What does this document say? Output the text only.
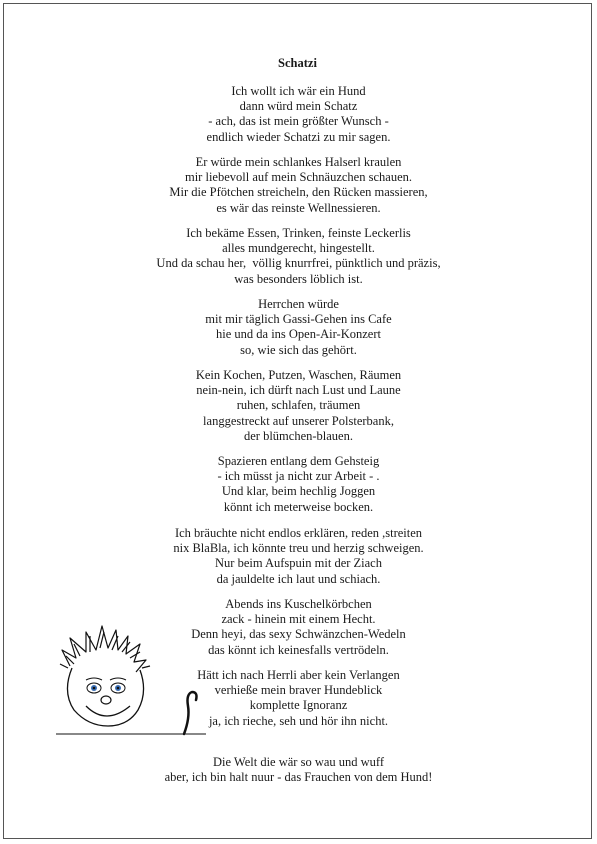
Schatzi
Ich wollt ich wär ein Hund
dann würd mein Schatz
- ach, das ist mein größter Wunsch -
endlich wieder Schatzi zu mir sagen.
Er würde mein schlankes Halserl kraulen
mir liebevoll auf mein Schnäuzchen schauen.
Mir die Pfötchen streicheln, den Rücken massieren,
es wär das reinste Wellnessieren.
Ich bekäme Essen, Trinken, feinste Leckerlis
alles mundgerecht, hingestellt.
Und da schau her,  völlig knurrfrei, pünktlich und präzis,
was besonders löblich ist.
Herrchen würde
mit mir täglich Gassi-Gehen ins Cafe
hie und da ins Open-Air-Konzert
so, wie sich das gehört.
Kein Kochen, Putzen, Waschen, Räumen
nein-nein, ich dürft nach Lust und Laune
ruhen, schlafen, träumen
langgestreckt auf unserer Polsterbank,
der blümchen-blauen.
Spazieren entlang dem Gehsteig
- ich müsst ja nicht zur Arbeit - .
Und klar, beim hechlig Joggen
könnt ich meterweise bocken.
Ich bräuchte nicht endlos erklären, reden ,streiten
nix BlaBla, ich könnte treu und herzig schweigen.
Nur beim Aufspuin mit der Ziach
da jauldelte ich laut und schiach.
Abends ins Kuschelkörbchen
zack - hinein mit einem Hecht.
Denn heyi, das sexy Schwänzchen-Wedeln
das könnt ich keinesfalls vertrödeln.
Hätt ich nach Herrli aber kein Verlangen
verhieße mein braver Hundeblick
komplette Ignoranz
ja, ich rieche, seh und hör ihn nicht.
Die Welt die wär so wau und wuff
aber, ich bin halt nuur - das Frauchen von dem Hund!
